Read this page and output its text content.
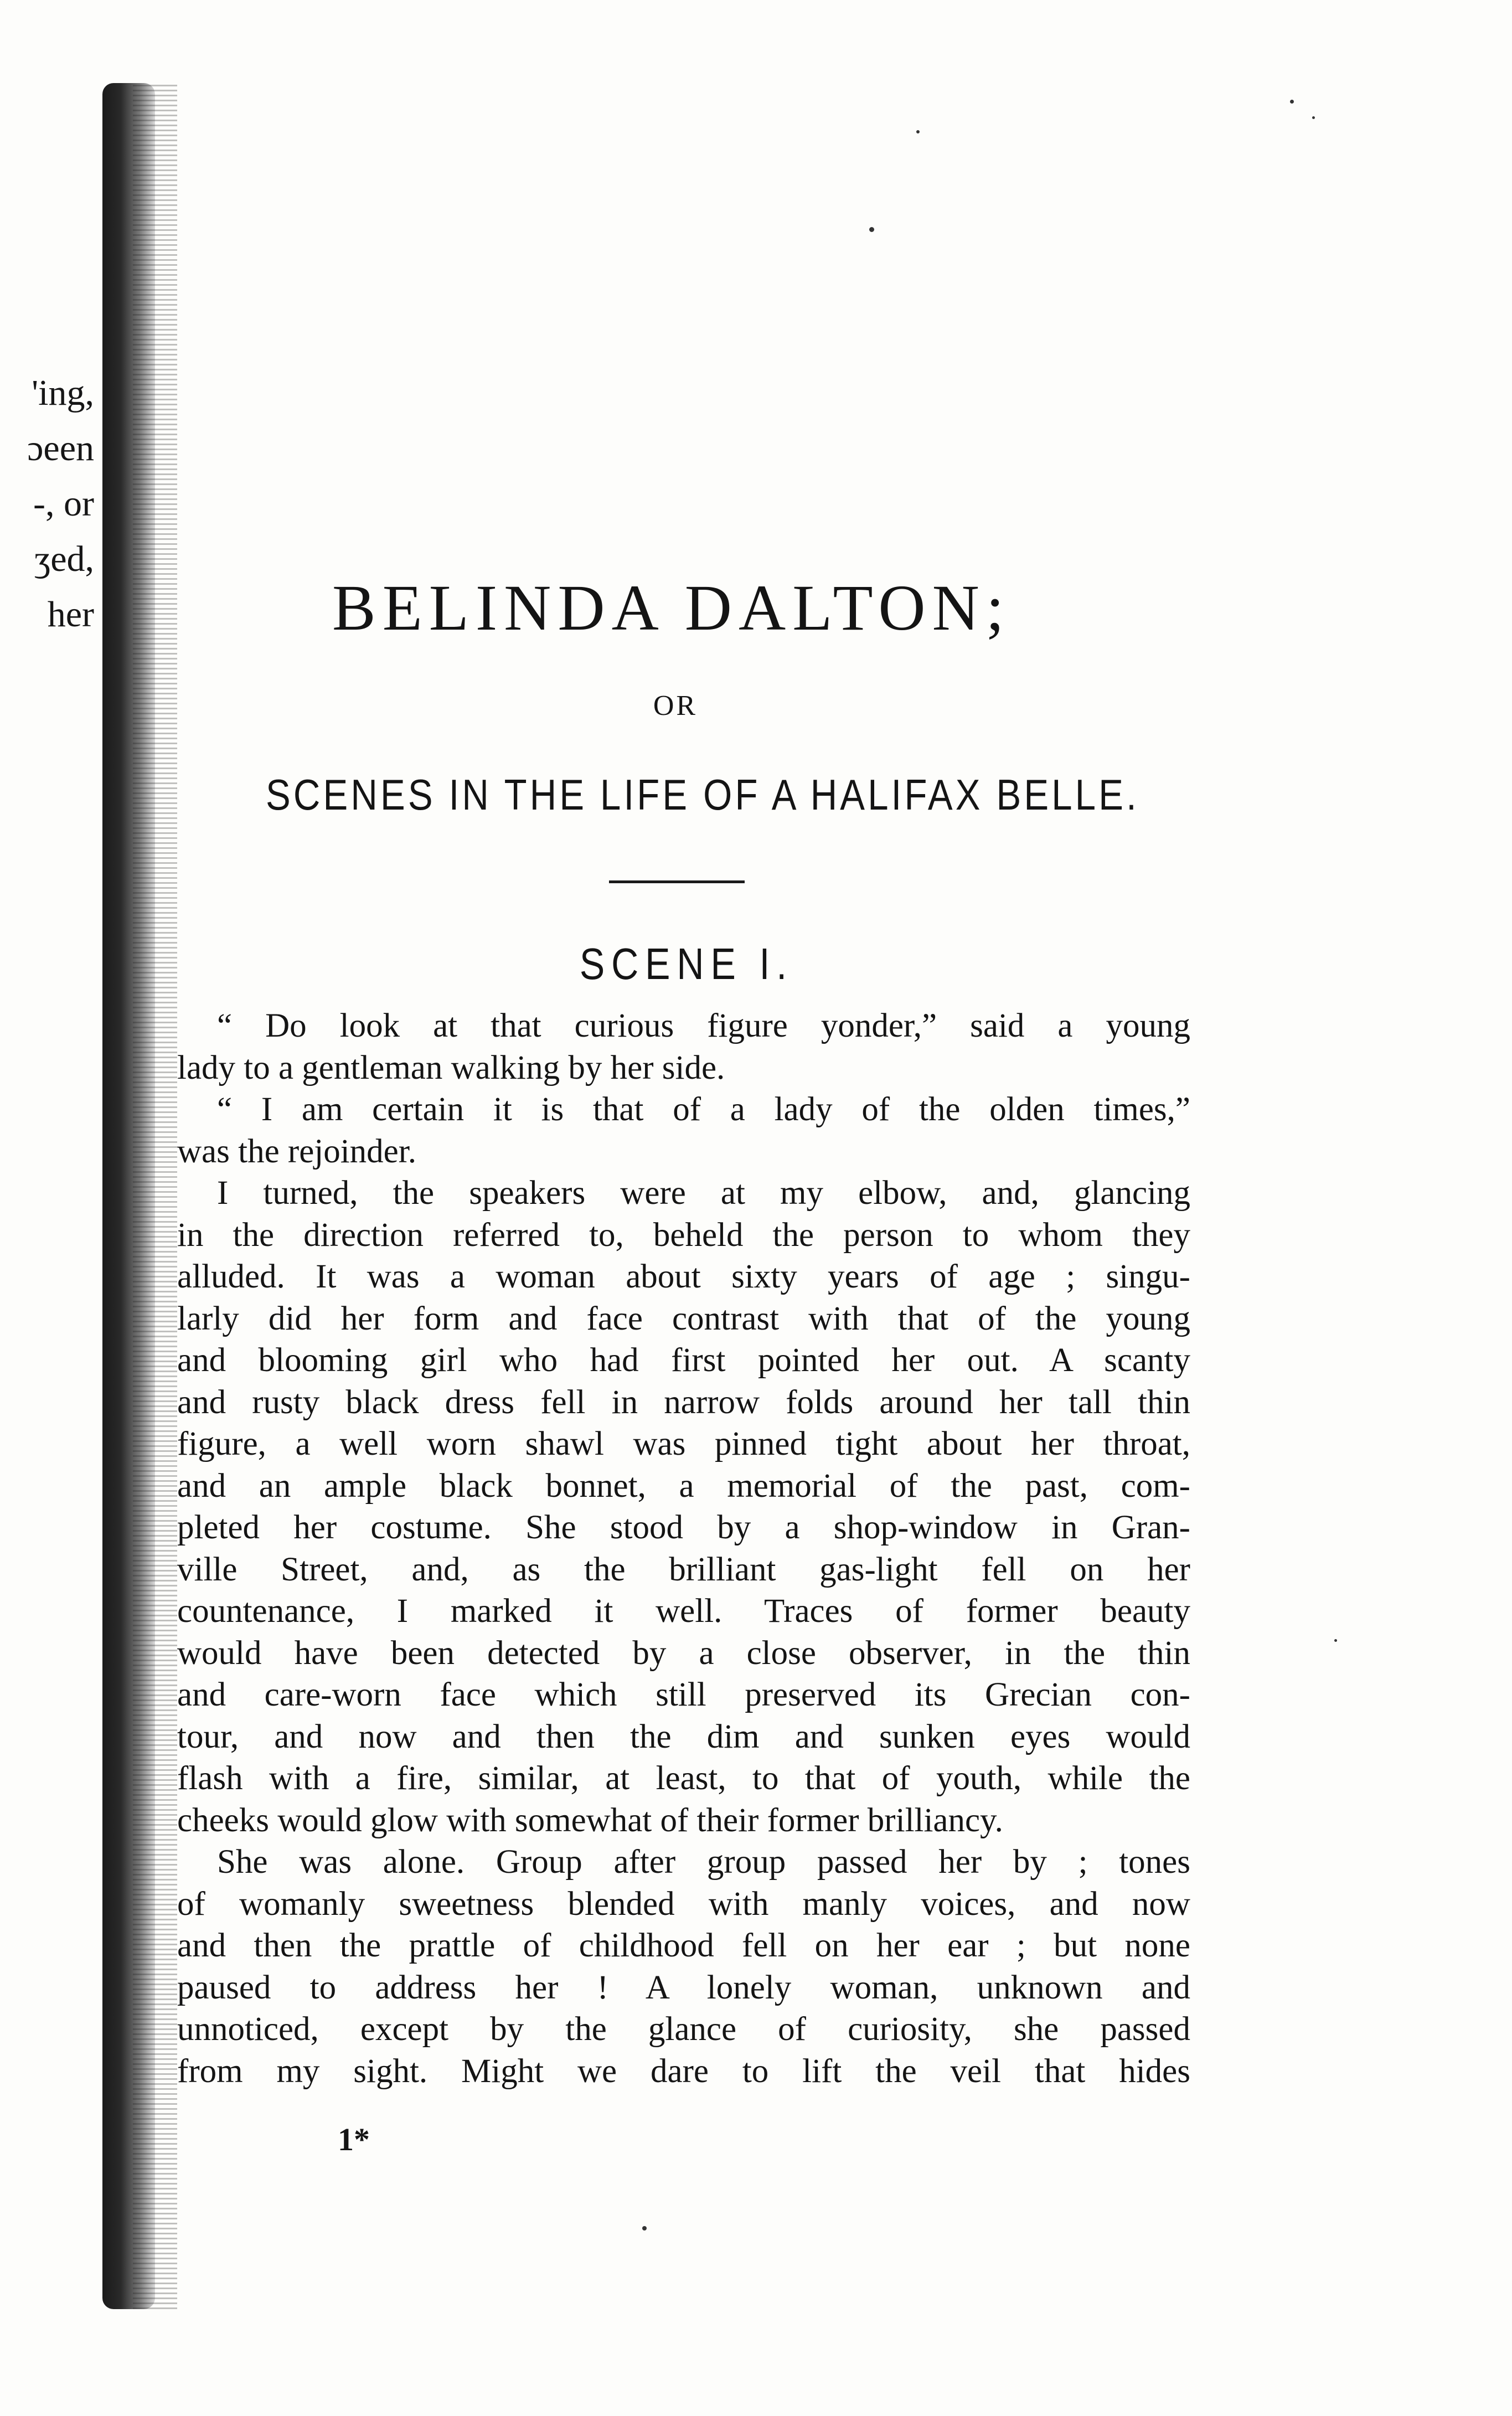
'ing,
ɔeen
-, or
ʒed,
her	BELINDA DALTON;
OR
SCENES IN THE LIFE OF A HALIFAX BELLE.
SCENE I.
“ Do look at that curious figure yonder,” said a young
lady to a gentleman walking by her side.
“ I am certain it is that of a lady of the olden times,”
was the rejoinder.
I turned, the speakers were at my elbow, and, glancing
in the direction referred to, beheld the person to whom they
alluded. It was a woman about sixty years of age ; singu-
larly did her form and face contrast with that of the young
and blooming girl who had first pointed her out. A scanty
and rusty black dress fell in narrow folds around her tall thin
figure, a well worn shawl was pinned tight about her throat,
and an ample black bonnet, a memorial of the past, com-
pleted her costume. She stood by a shop-window in Gran-
ville Street, and, as the brilliant gas-light fell on her
countenance, I marked it well. Traces of former beauty
would have been detected by a close observer, in the thin
and care-worn face which still preserved its Grecian con-
tour, and now and then the dim and sunken eyes would
flash with a fire, similar, at least, to that of youth, while the
cheeks would glow with somewhat of their former brilliancy.
She was alone. Group after group passed her by ; tones
of womanly sweetness blended with manly voices, and now
and then the prattle of childhood fell on her ear ; but none
paused to address her ! A lonely woman, unknown and
unnoticed, except by the glance of curiosity, she passed
from my sight. Might we dare to lift the veil that hides
1*
